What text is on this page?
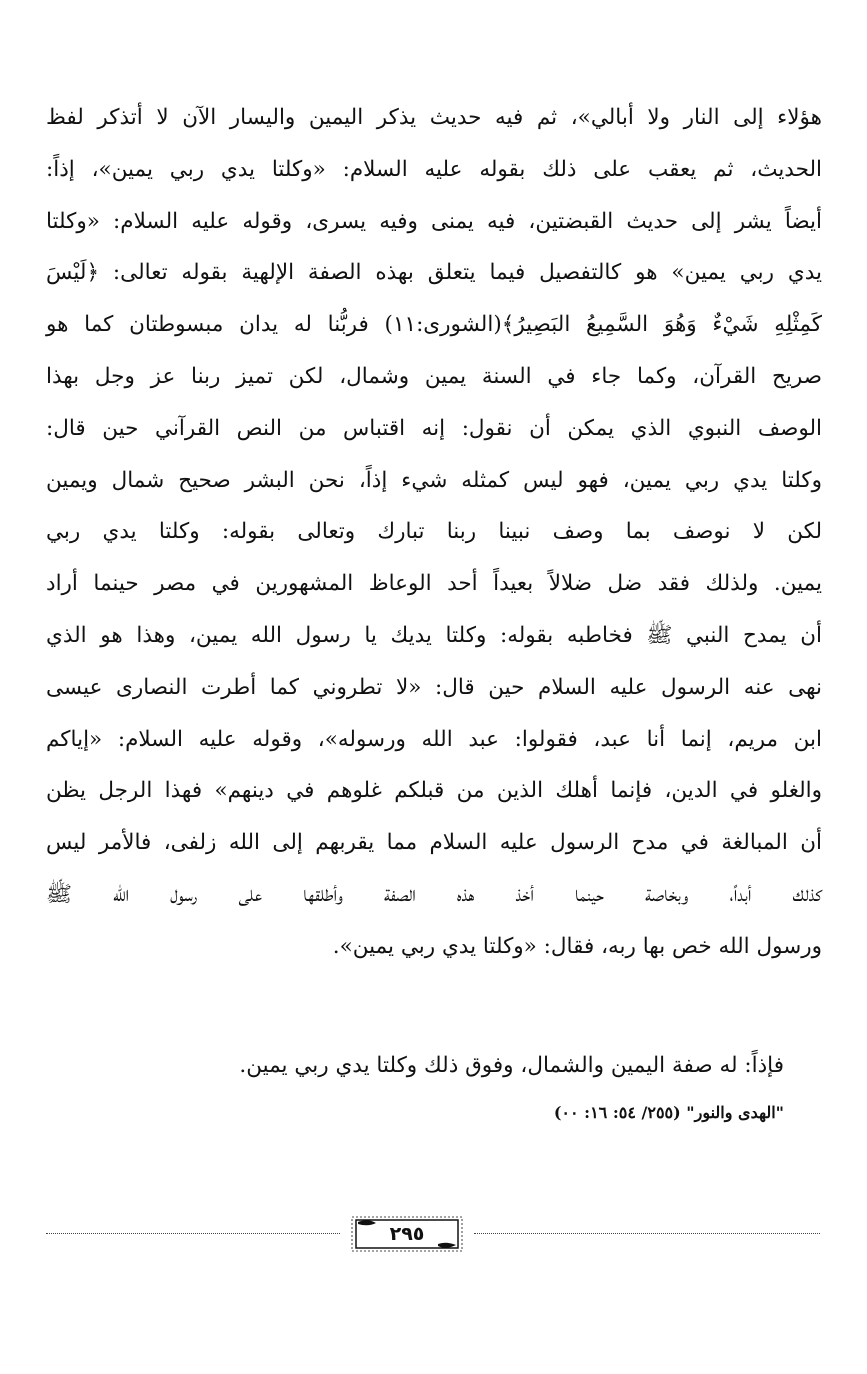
هؤلاء إلى النار ولا أبالي»، ثم فيه حديث يذكر اليمين واليسار الآن لا أتذكر لفظ
الحديث، ثم يعقب على ذلك بقوله عليه السلام: «وكلتا يدي ربي يمين»، إذاً:
أيضاً يشر إلى حديث القبضتين، فيه يمنى وفيه يسرى، وقوله عليه السلام: «وكلتا
يدي ربي يمين» هو كالتفصيل فيما يتعلق بهذه الصفة الإلهية بقوله تعالى: ﴿لَيْسَ
كَمِثْلِهِ شَيْءٌ وَهُوَ السَّمِيعُ البَصِيرُ﴾(الشورى:١١) فربُّنا له يدان مبسوطتان كما هو
صريح القرآن، وكما جاء في السنة يمين وشمال، لكن تميز ربنا عز وجل بهذا
الوصف النبوي الذي يمكن أن نقول: إنه اقتباس من النص القرآني حين قال:
وكلتا يدي ربي يمين، فهو ليس كمثله شيء إذاً، نحن البشر صحيح شمال ويمين
لكن لا نوصف بما وصف نبينا ربنا تبارك وتعالى بقوله: وكلتا يدي ربي
يمين. ولذلك فقد ضل ضلالاً بعيداً أحد الوعاظ المشهورين في مصر حينما أراد
أن يمدح النبي ﷺ فخاطبه بقوله: وكلتا يديك يا رسول الله يمين، وهذا هو الذي
نهى عنه الرسول عليه السلام حين قال: «لا تطروني كما أطرت النصارى عيسى
ابن مريم، إنما أنا عبد، فقولوا: عبد الله ورسوله»، وقوله عليه السلام: «إياكم
والغلو في الدين، فإنما أهلك الذين من قبلكم غلوهم في دينهم» فهذا الرجل يظن
أن المبالغة في مدح الرسول عليه السلام مما يقربهم إلى الله زلفى، فالأمر ليس
كذلك أبداً، وبخاصة حينما أخذ هذه الصفة وأطلقها على رسول الله ﷺ
ورسول الله خص بها ربه، فقال: «وكلتا يدي ربي يمين».
فإذاً: له صفة اليمين والشمال، وفوق ذلك وكلتا يدي ربي يمين.
"الهدى والنور" (٢٥٥/ ٥٤: ١٦: ٠٠)
٢٩٥
